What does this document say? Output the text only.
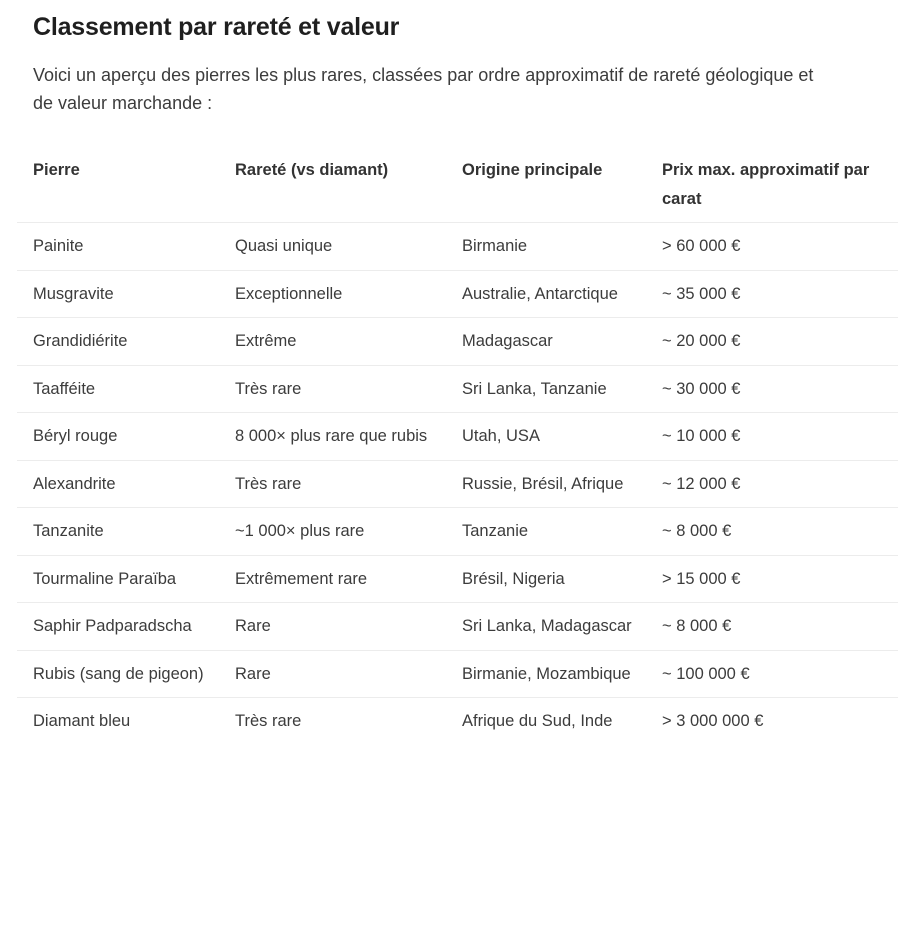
Classement par rareté et valeur

Voici un aperçu des pierres les plus rares, classées par ordre approximatif de rareté géologique et de valeur marchande :

Pierre	Rareté (vs diamant)	Origine principale	Prix max. approximatif par carat
Painite	Quasi unique	Birmanie	> 60 000 €
Musgravite	Exceptionnelle	Australie, Antarctique	~ 35 000 €
Grandidiérite	Extrême	Madagascar	~ 20 000 €
Taafféite	Très rare	Sri Lanka, Tanzanie	~ 30 000 €
Béryl rouge	8 000× plus rare que rubis	Utah, USA	~ 10 000 €
Alexandrite	Très rare	Russie, Brésil, Afrique	~ 12 000 €
Tanzanite	~1 000× plus rare	Tanzanie	~ 8 000 €
Tourmaline Paraïba	Extrêmement rare	Brésil, Nigeria	> 15 000 €
Saphir Padparadscha	Rare	Sri Lanka, Madagascar	~ 8 000 €
Rubis (sang de pigeon)	Rare	Birmanie, Mozambique	~ 100 000 €
Diamant bleu	Très rare	Afrique du Sud, Inde	> 3 000 000 €
